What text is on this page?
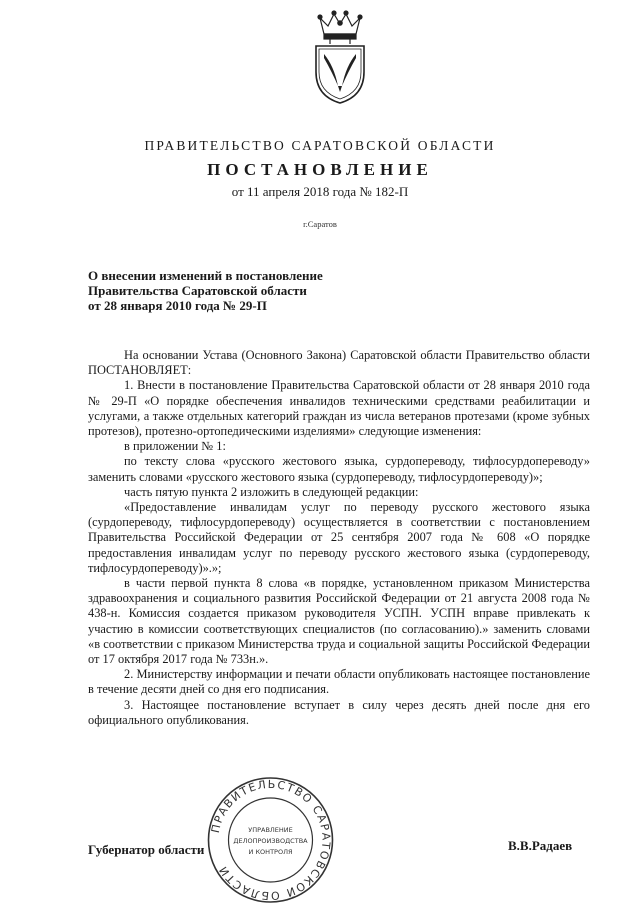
ПРАВИТЕЛЬСТВО САРАТОВСКОЙ ОБЛАСТИ
ПОСТАНОВЛЕНИЕ
от 11 апреля 2018 года № 182-П
г.Саратов
О внесении изменений в постановление
Правительства Саратовской области
от 28 января 2010 года № 29-П

На основании Устава (Основного Закона) Саратовской области Правительство области ПОСТАНОВЛЯЕТ:

1. Внести в постановление Правительства Саратовской области от 28 января 2010 года № 29-П «О порядке обеспечения инвалидов техническими средствами реабилитации и услугами, а также отдельных категорий граждан из числа ветеранов протезами (кроме зубных протезов), протезно-ортопедическими изделиями» следующие изменения:

в приложении № 1:

по тексту слова «русского жестового языка, сурдопереводу, тифлосурдопереводу» заменить словами «русского жестового языка (сурдопереводу, тифлосурдопереводу)»;

часть пятую пункта 2 изложить в следующей редакции:

«Предоставление инвалидам услуг по переводу русского жестового языка (сурдопереводу, тифлосурдопереводу) осуществляется в соответствии с постановлением Правительства Российской Федерации от 25 сентября 2007 года № 608 «О порядке предоставления инвалидам услуг по переводу русского жестового языка (сурдопереводу, тифлосурдопереводу)».»;

в части первой пункта 8 слова «в порядке, установленном приказом Министерства здравоохранения и социального развития Российской Федерации от 21 августа 2008 года № 438-н. Комиссия создается приказом руководителя УСПН. УСПН вправе привлекать к участию в комиссии соответствующих специалистов (по согласованию).» заменить словами «в соответствии с приказом Министерства труда и социальной защиты Российской Федерации от 17 октября 2017 года № 733н.».

2. Министерству информации и печати области опубликовать настоящее постановление в течение десяти дней со дня его подписания.

3. Настоящее постановление вступает в силу через десять дней после дня его официального опубликования.

Губернатор области	В.В.Радаев
ПРАВИТЕЛЬСТВО САРАТОВСКОЙ ОБЛАСТИ
УПРАВЛЕНИЕ
ДЕЛОПРОИЗВОДСТВА
И КОНТРОЛЯ
